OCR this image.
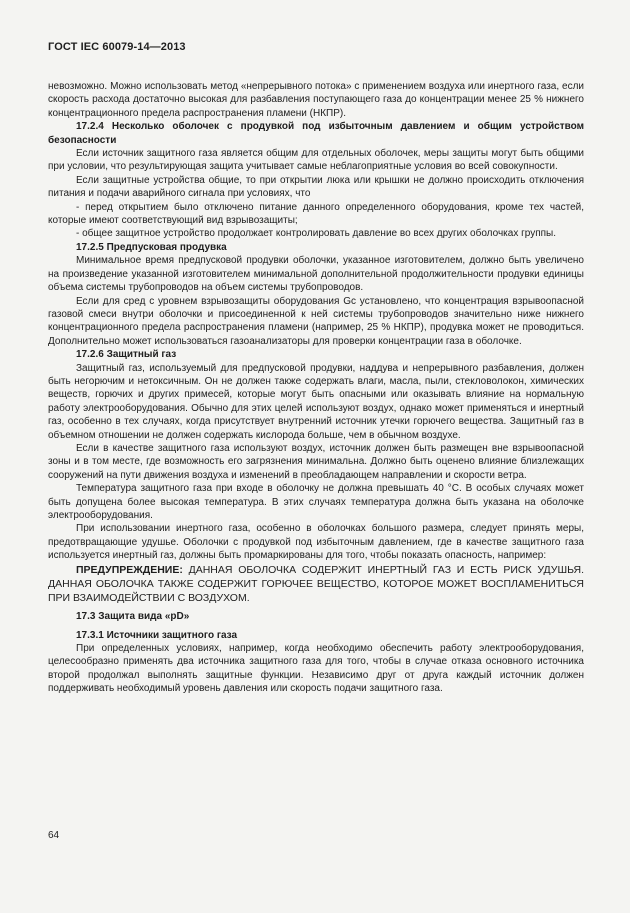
ГОСТ IEC 60079-14—2013

невозможно. Можно использовать метод «непрерывного потока» с применением воздуха или инертного газа, если скорость расхода достаточно высокая для разбавления поступающего газа до концентрации менее 25 % нижнего концентрационного предела распространения пламени (НКПР).

17.2.4 Несколько оболочек с продувкой под избыточным давлением и общим устройством безопасности

Если источник защитного газа является общим для отдельных оболочек, меры защиты могут быть общими при условии, что результирующая защита учитывает самые неблагоприятные условия во всей совокупности.

Если защитные устройства общие, то при открытии люка или крышки не должно происходить отключения питания и подачи аварийного сигнала при условиях, что

- перед открытием было отключено питание данного определенного оборудования, кроме тех частей, которые имеют соответствующий вид взрывозащиты;

- общее защитное устройство продолжает контролировать давление во всех других оболочках группы.

17.2.5 Предпусковая продувка

Минимальное время предпусковой продувки оболочки, указанное изготовителем, должно быть увеличено на произведение указанной изготовителем минимальной дополнительной продолжительности продувки единицы объема системы трубопроводов на объем системы трубопроводов.

Если для сред с уровнем взрывозащиты оборудования Gc установлено, что концентрация взрывоопасной газовой смеси внутри оболочки и присоединенной к ней системы трубопроводов значительно ниже нижнего концентрационного предела распространения пламени (например, 25 % НКПР), продувка может не проводиться. Дополнительно может использоваться газоанализаторы для проверки концентрации газа в оболочке.

17.2.6 Защитный газ

Защитный газ, используемый для предпусковой продувки, наддува и непрерывного разбавления, должен быть негорючим и нетоксичным. Он не должен также содержать влаги, масла, пыли, стекловолокон, химических веществ, горючих и других примесей, которые могут быть опасными или оказывать влияние на нормальную работу электрооборудования. Обычно для этих целей используют воздух, однако может применяться и инертный газ, особенно в тех случаях, когда присутствует внутренний источник утечки горючего вещества. Защитный газ в объемном отношении не должен содержать кислорода больше, чем в обычном воздухе.

Если в качестве защитного газа используют воздух, источник должен быть размещен вне взрывоопасной зоны и в том месте, где возможность его загрязнения минимальна. Должно быть оценено влияние близлежащих сооружений на пути движения воздуха и изменений в преобладающем направлении и скорости ветра.

Температура защитного газа при входе в оболочку не должна превышать 40 °С. В особых случаях может быть допущена более высокая температура. В этих случаях температура должна быть указана на оболочке электрооборудования.

При использовании инертного газа, особенно в оболочках большого размера, следует принять меры, предотвращающие удушье. Оболочки с продувкой под избыточным давлением, где в качестве защитного газа используется инертный газ, должны быть промаркированы для того, чтобы показать опасность, например:

ПРЕДУПРЕЖДЕНИЕ: ДАННАЯ ОБОЛОЧКА СОДЕРЖИТ ИНЕРТНЫЙ ГАЗ И ЕСТЬ РИСК УДУШЬЯ. ДАННАЯ ОБОЛОЧКА ТАКЖЕ СОДЕРЖИТ ГОРЮЧЕЕ ВЕЩЕСТВО, КОТОРОЕ МОЖЕТ ВОСПЛАМЕНИТЬСЯ ПРИ ВЗАИМОДЕЙСТВИИ С ВОЗДУХОМ.

17.3 Защита вида «pD»

17.3.1 Источники защитного газа

При определенных условиях, например, когда необходимо обеспечить работу электрооборудования, целесообразно применять два источника защитного газа для того, чтобы в случае отказа основного источника второй продолжал выполнять защитные функции. Независимо друг от друга каждый источник должен поддерживать необходимый уровень давления или скорость подачи защитного газа.

64
